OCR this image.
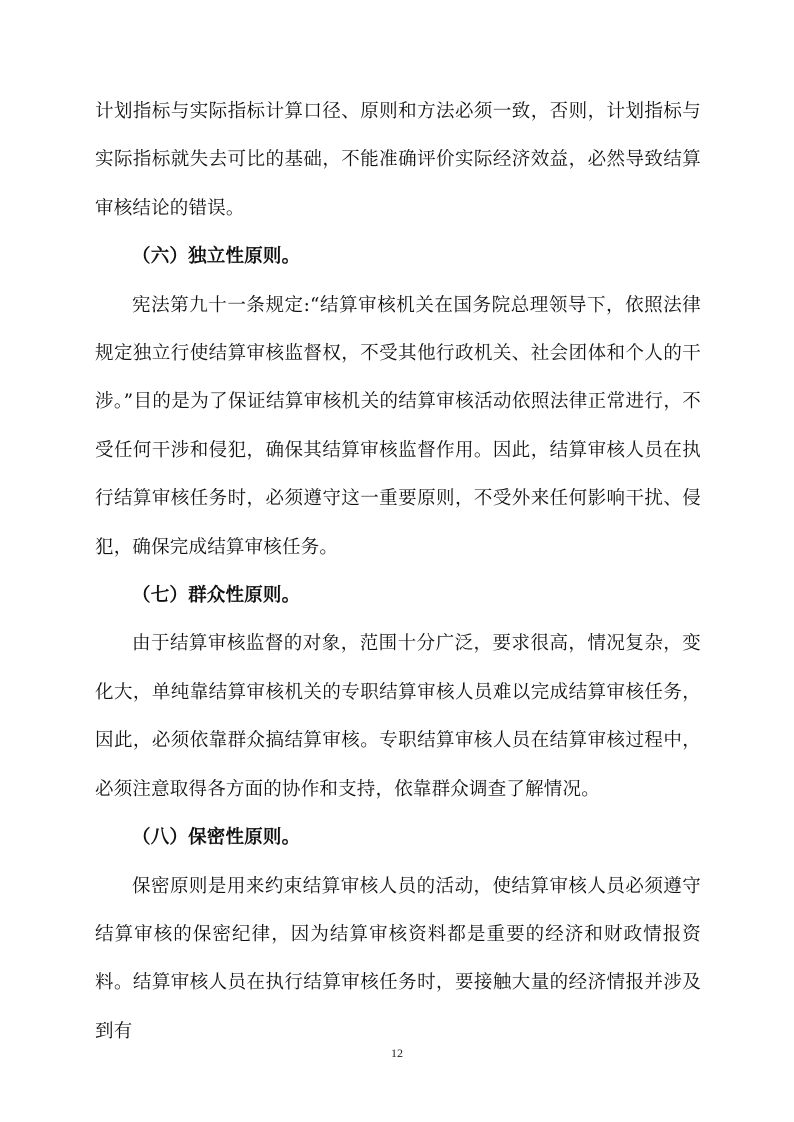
计划指标与实际指标计算口径、原则和方法必须一致，否则，计划指标与实际指标就失去可比的基础，不能准确评价实际经济效益，必然导致结算审核结论的错误。

（六）独立性原则。

宪法第九十一条规定:“结算审核机关在国务院总理领导下，依照法律规定独立行使结算审核监督权，不受其他行政机关、社会团体和个人的干涉。”目的是为了保证结算审核机关的结算审核活动依照法律正常进行，不受任何干涉和侵犯，确保其结算审核监督作用。因此，结算审核人员在执行结算审核任务时，必须遵守这一重要原则，不受外来任何影响干扰、侵犯，确保完成结算审核任务。

（七）群众性原则。

由于结算审核监督的对象，范围十分广泛，要求很高，情况复杂，变化大，单纯靠结算审核机关的专职结算审核人员难以完成结算审核任务，因此，必须依靠群众搞结算审核。专职结算审核人员在结算审核过程中，必须注意取得各方面的协作和支持，依靠群众调查了解情况。

（八）保密性原则。

保密原则是用来约束结算审核人员的活动，使结算审核人员必须遵守结算审核的保密纪律，因为结算审核资料都是重要的经济和财政情报资料。结算审核人员在执行结算审核任务时，要接触大量的经济情报并涉及到有

12
